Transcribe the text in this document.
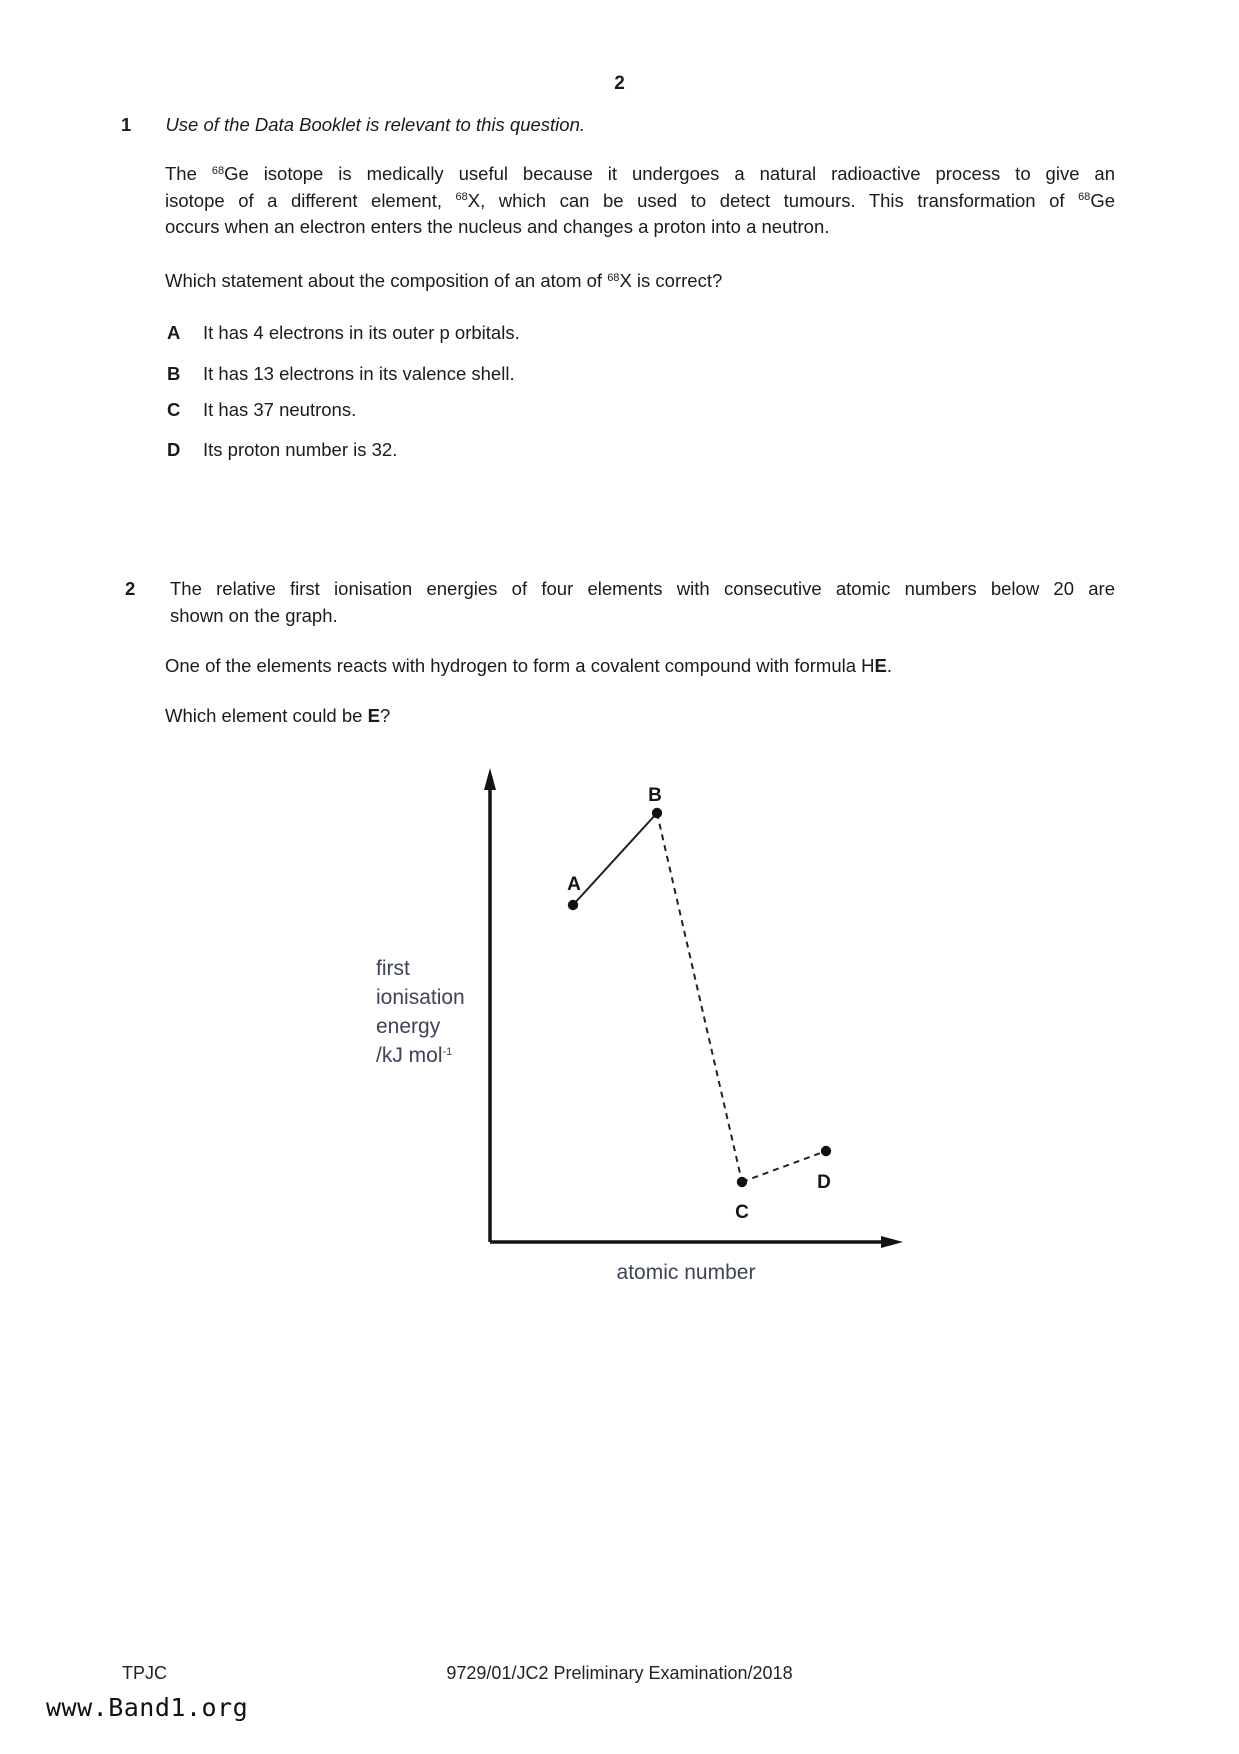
2
1 Use of the Data Booklet is relevant to this question.
The $^{68}$Ge isotope is medically useful because it undergoes a natural radioactive process to give an
isotope of a different element, $^{68}$X, which can be used to detect tumours. This transformation of $^{68}$Ge
occurs when an electron enters the nucleus and changes a proton into a neutron.
Which statement about the composition of an atom of $^{68}$X is correct?
A It has 4 electrons in its outer p orbitals.
B It has 13 electrons in its valence shell.
C It has 37 neutrons.
D Its proton number is 32.
2 The relative first ionisation energies of four elements with consecutive atomic numbers below 20 are
shown on the graph.
One of the elements reacts with hydrogen to form a covalent compound with formula HE.
Which element could be E?
A
B
C
D
first
ionisation
energy
/kJ mol$^{-1}$
atomic number
TPJC	9729/01/JC2 Preliminary Examination/2018
www.Band1.org
